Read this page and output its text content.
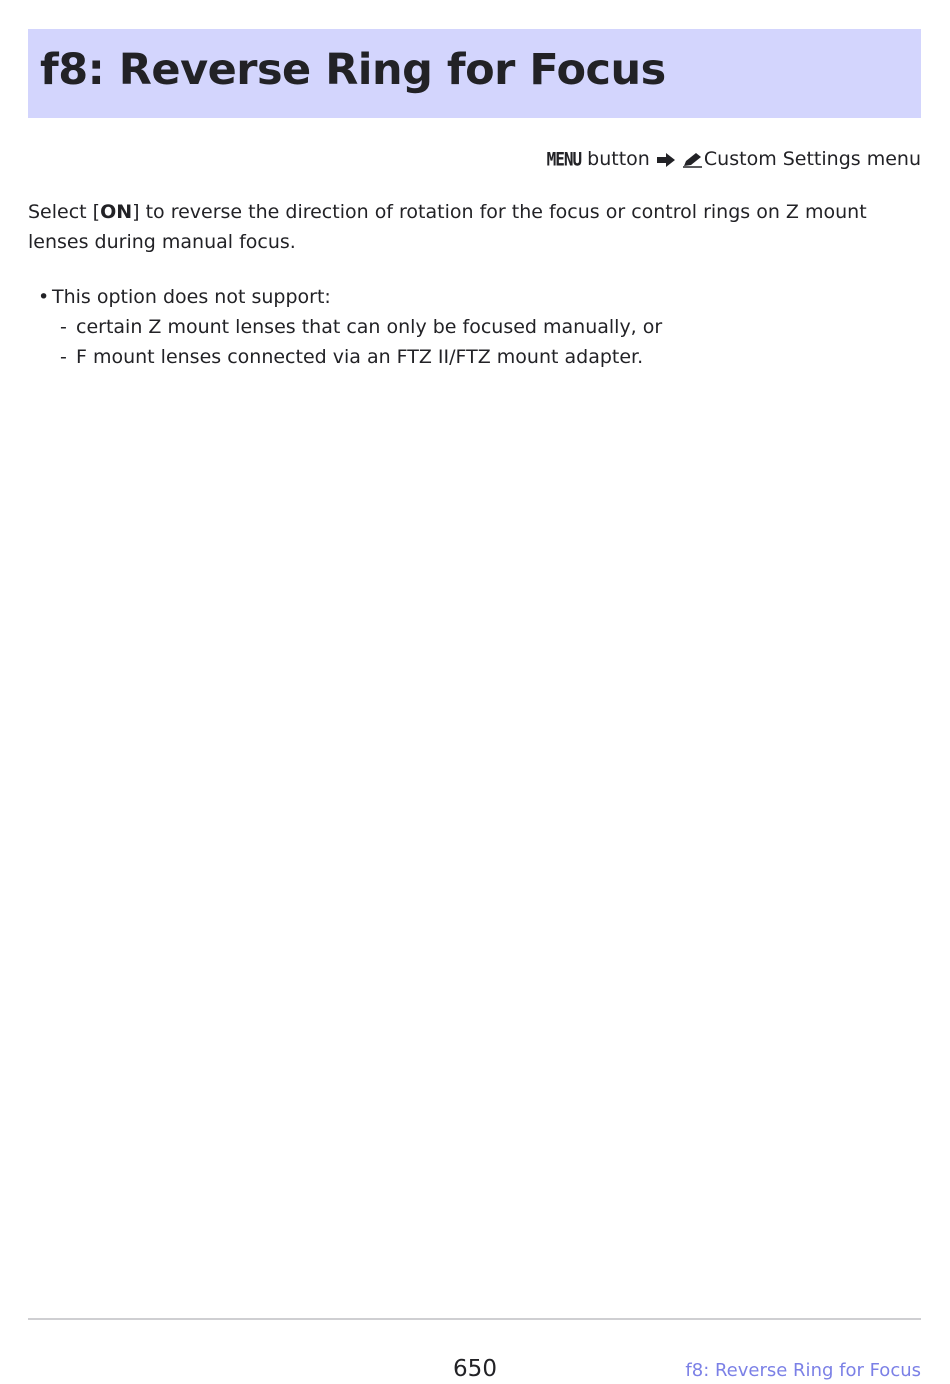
f8: Reverse Ring for Focus
MENU button	Custom Settings menu

Select [ON] to reverse the direction of rotation for the focus or control rings on Z mount lenses during manual focus.

• This option does not support:
- certain Z mount lenses that can only be focused manually, or
- F mount lenses connected via an FTZ II/FTZ mount adapter.
650	f8: Reverse Ring for Focus
